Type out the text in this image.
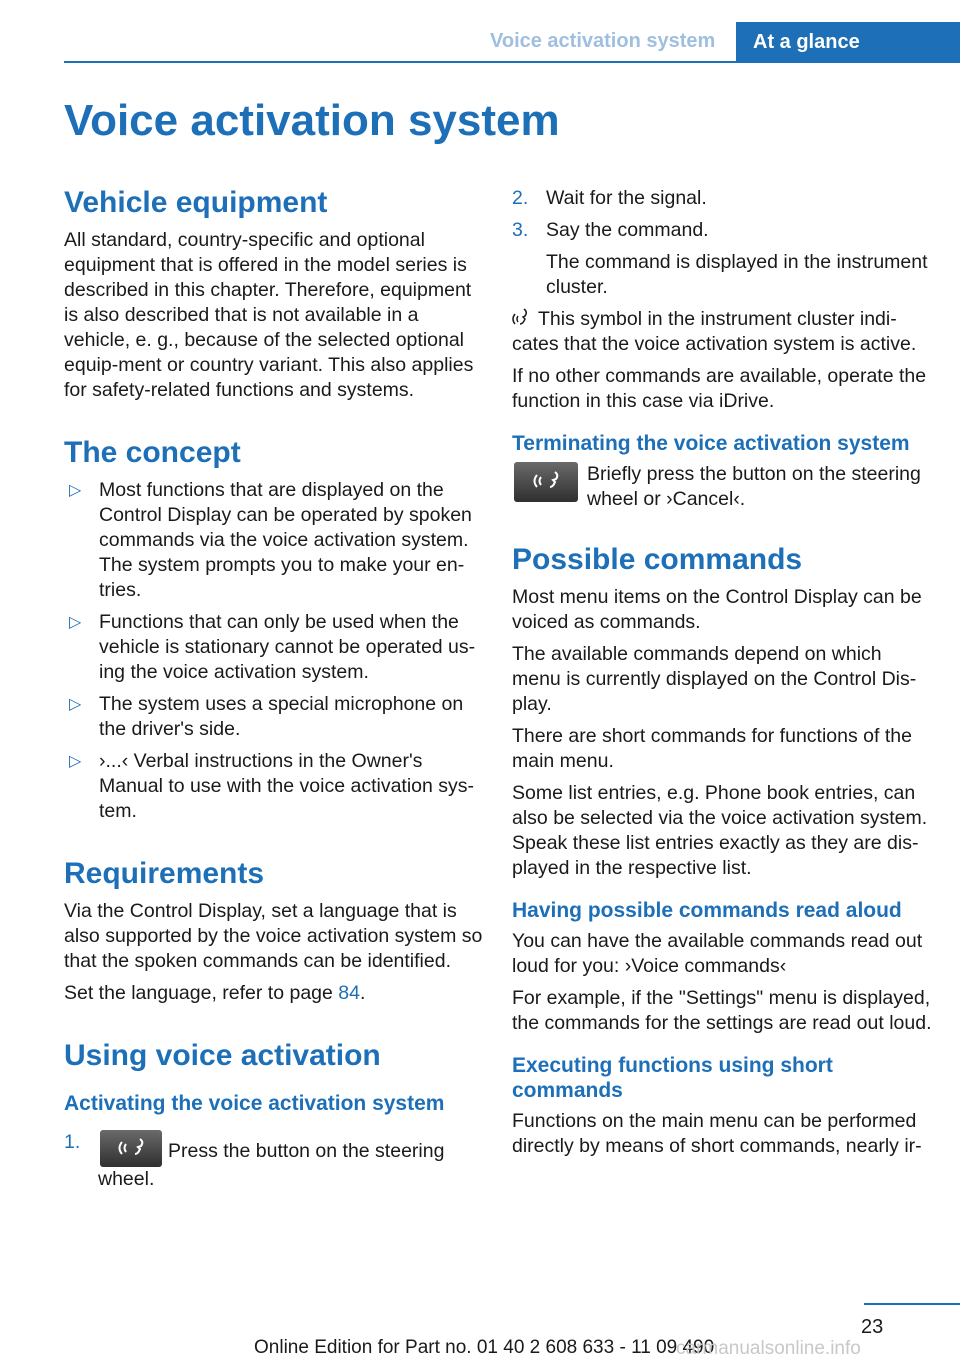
Voice activation system At a glance
Voice activation system
Vehicle equipment

All standard, country-specific and optional equipment that is offered in the model series is described in this chapter. Therefore, equipment is also described that is not available in a vehicle, e. g., because of the selected optional equip-ment or country variant. This also applies for safety-related functions and systems.

The concept
▷ Most functions that are displayed on the Control Display can be operated by spoken commands via the voice activation system. The system prompts you to make your en-tries.
▷ Functions that can only be used when the vehicle is stationary cannot be operated us-ing the voice activation system.
▷ The system uses a special microphone on the driver's side.
▷ ›...‹ Verbal instructions in the Owner's Manual to use with the voice activation sys-tem.
Requirements

Via the Control Display, set a language that is also supported by the voice activation system so that the spoken commands can be identified.

Set the language, refer to page 84.

Using voice activation
Activating the voice activation system
1.	Press the button on the steering wheel.
2. Wait for the signal.
3. Say the command.
The command is displayed in the instrument cluster.

This symbol in the instrument cluster indi-cates that the voice activation system is active.

If no other commands are available, operate the function in this case via iDrive.

Terminating the voice activation system

Briefly press the button on the steering wheel or ›Cancel‹.

Possible commands

Most menu items on the Control Display can be voiced as commands.

The available commands depend on which menu is currently displayed on the Control Dis-play.

There are short commands for functions of the main menu.

Some list entries, e.g. Phone book entries, can also be selected via the voice activation system. Speak these list entries exactly as they are dis-played in the respective list.

Having possible commands read aloud

You can have the available commands read out loud for you: ›Voice commands‹

For example, if the "Settings" menu is displayed, the commands for the settings are read out loud.

Executing functions using short commands

Functions on the main menu can be performed directly by means of short commands, nearly ir-

23
Online Edition for Part no. 01 40 2 608 633 - 11 09 490
carmanualsonline.info
